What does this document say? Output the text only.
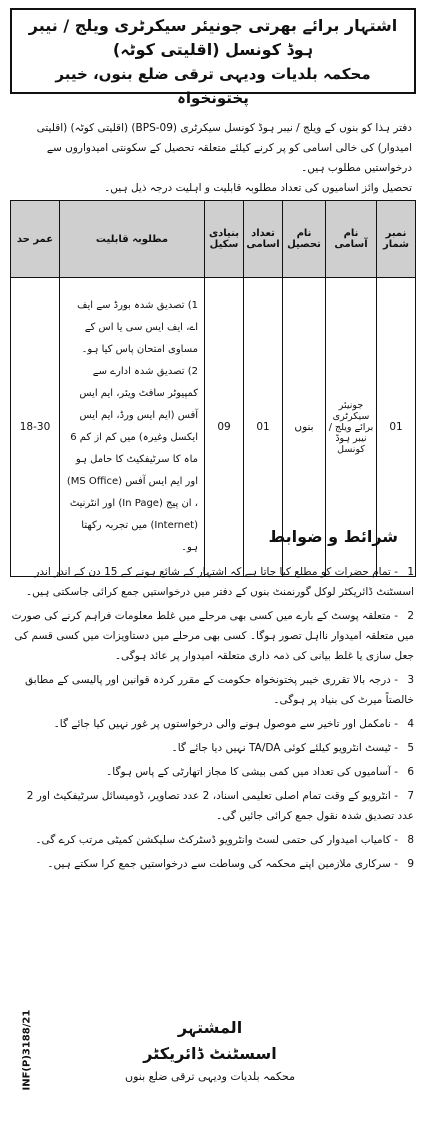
اشتہار برائے بھرتی جونیئر سیکرٹری ویلج / نیبر ہوڈ کونسل (اقلیتی کوٹہ)
محکمہ بلدیات ودیہی ترقی ضلع بنوں، خیبر پختونخواہ
دفتر ہذا کو بنوں کے ویلج / نیبر ہوڈ کونسل سیکرٹری (BPS-09) (اقلیتی کوٹہ) (اقلیتی امیدوار) کی خالی اسامی کو پر کرنے کیلئے متعلقہ تحصیل کے سکونتی امیدواروں سے درخواستیں مطلوب ہیں۔
تحصیل وائز اسامیوں کی تعداد مطلوبہ قابلیت و اہلیت درجہ ذیل ہیں۔
نمبر شمار	نام آسامی	نام تحصیل	تعداد اسامی	بنیادی سکیل	مطلوبہ قابلیت	عمر حد
01	جونیئر سیکرٹری برائے ویلج / نیبر ہوڈ کونسل	بنوں	01	09	1) تصدیق شدہ بورڈ سے ایف اے، ایف ایس سی یا اس کے مساوی امتحان پاس کیا ہو۔
2) تصدیق شدہ ادارے سے کمپیوٹر سافٹ ویئر، ایم ایس آفس (ایم ایس ورڈ، ایم ایس ایکسل وغیرہ) میں کم از کم 6 ماہ کا سرٹیفکیٹ کا حامل ہو اور ایم ایس آفس (MS Office) ، ان پیج (In Page) اور انٹرنیٹ (Internet) میں تجربہ رکھتا ہو۔	18-30
شرائط و ضوابط
1- تمام حضرات کو مطلع کیا جاتا ہے کہ اشتہار کے شائع ہونے کے 15 دن کے اندر اندر اسسٹنٹ ڈائریکٹر لوکل گورنمنٹ بنوں کے دفتر میں درخواستیں جمع کرائی جاسکتی ہیں۔
2- متعلقہ پوسٹ کے بارے میں کسی بھی مرحلے میں غلط معلومات فراہم کرنے کی صورت میں متعلقہ امیدوار نااہل تصور ہوگا۔ کسی بھی مرحلے میں دستاویزات میں کسی قسم کی جعل سازی یا غلط بیانی کی ذمہ داری متعلقہ امیدوار پر عائد ہوگی۔
3- درجہ بالا تقرری خیبر پختونخواہ حکومت کے مقرر کردہ قوانین اور پالیسی کے مطابق خالصتاً میرٹ کی بنیاد پر ہوگی۔
4- نامکمل اور تاخیر سے موصول ہونے والی درخواستوں پر غور نہیں کیا جائے گا۔
5- ٹیسٹ انٹرویو کیلئے کوئی TA/DA نہیں دیا جائے گا۔
6- آسامیوں کی تعداد میں کمی بیشی کا مجاز اتھارٹی کے پاس ہوگا۔
7- انٹرویو کے وقت تمام اصلی تعلیمی اسناد، 2 عدد تصاویر، ڈومیسائل سرٹیفکیٹ اور 2 عدد تصدیق شدہ نقول جمع کرائی جائیں گی۔
8- کامیاب امیدوار کی حتمی لسٹ وانٹرویو ڈسٹرکٹ سلیکشن کمیٹی مرتب کرے گی۔
9- سرکاری ملازمین اپنے محکمہ کی وساطت سے درخواستیں جمع کرا سکتے ہیں۔
المشتہر
اسسٹنٹ ڈائریکٹر
محکمہ بلدیات ودیہی ترقی ضلع بنوں
INF(P)3188/21
